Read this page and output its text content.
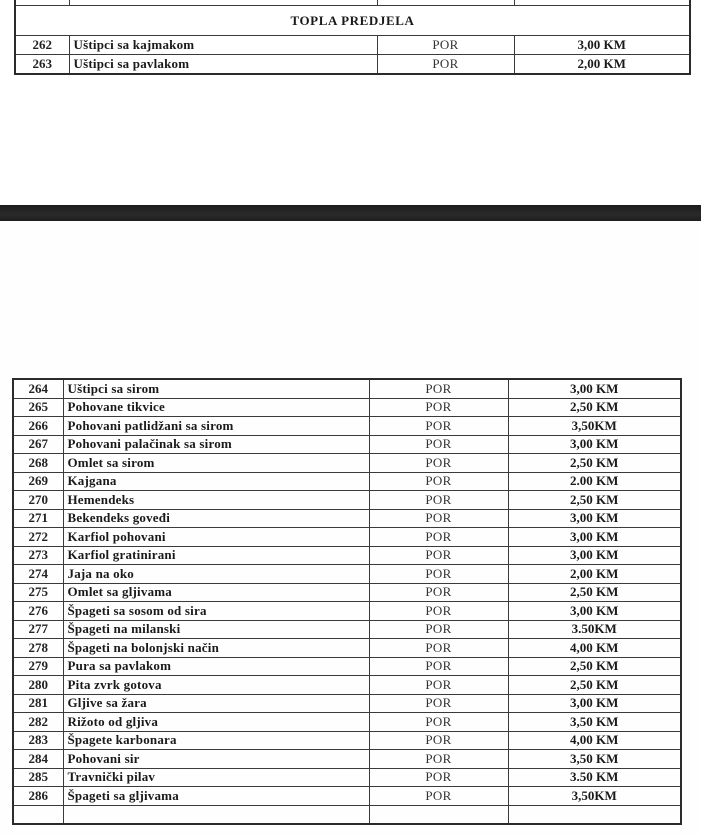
TOPLA PREDJELA			
262	Uštipci sa kajmakom	POR	3,00 KM
263	Uštipci sa pavlakom	POR	2,00 KM
264	Uštipci sa sirom	POR	3,00 KM
265	Pohovane tikvice	POR	2,50 KM
266	Pohovani patlidžani sa sirom	POR	3,50KM
267	Pohovani palačinak sa sirom	POR	3,00 KM
268	Omlet sa sirom	POR	2,50 KM
269	Kajgana	POR	2.00 KM
270	Hemendeks	POR	2,50 KM
271	Bekendeks goveđi	POR	3,00 KM
272	Karfiol pohovani	POR	3,00 KM
273	Karfiol gratinirani	POR	3,00 KM
274	Jaja na oko	POR	2,00 KM
275	Omlet sa gljivama	POR	2,50 KM
276	Špageti sa sosom od sira	POR	3,00 KM
277	Špageti na milanski	POR	3.50KM
278	Špageti na bolonjski način	POR	4,00 KM
279	Pura sa pavlakom	POR	2,50 KM
280	Pita zvrk gotova	POR	2,50 KM
281	Gljive sa žara	POR	3,00 KM
282	Rižoto od gljiva	POR	3,50 KM
283	Špagete karbonara	POR	4,00 KM
284	Pohovani sir	POR	3,50 KM
285	Travnički pilav	POR	3.50 KM
286	Špageti sa gljivama	POR	3,50KM
